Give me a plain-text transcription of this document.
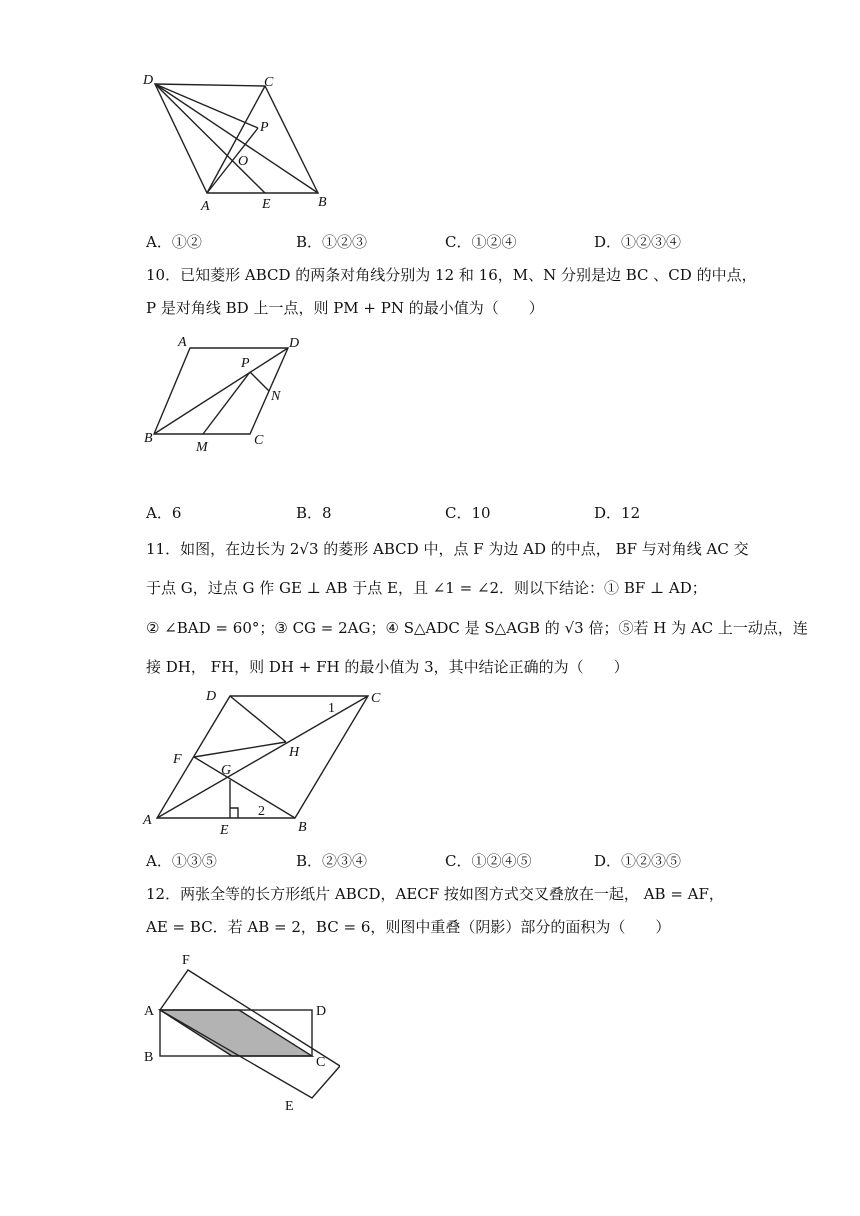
D	C
P
O
A	E	B
A．①②	B．①②③	C．①②④	D．①②③④
10．已知菱形 ABCD 的两条对角线分别为 12 和 16，M、N 分别是边 BC 、CD 的中点，
P 是对角线 BD 上一点，则 PM + PN 的最小值为（　　）
A	D
P
N
B
M	C
A．6	B．8	C．10	D．12
11．如图，在边长为 2√3 的菱形 ABCD 中，点 F 为边 AD 的中点， BF 与对角线 AC 交
于点 G，过点 G 作 GE ⊥ AB 于点 E，且 ∠1 = ∠2．则以下结论：① BF ⊥ AD；
② ∠BAD = 60°；③ CG = 2AG；④ S△ADC 是 S△AGB 的 √3 倍；⑤若 H 为 AC 上一动点，连
接 DH， FH，则 DH + FH 的最小值为 3，其中结论正确的为（　　）
D	C
1
F	H
G
A
E
2
B
A．①③⑤	B．②③④	C．①②④⑤	D．①②③⑤
12．两张全等的长方形纸片 ABCD，AECF 按如图方式交叉叠放在一起， AB = AF，
AE = BC．若 AB = 2，BC = 6，则图中重叠（阴影）部分的面积为（　　）
F
A	D
B	C
E
